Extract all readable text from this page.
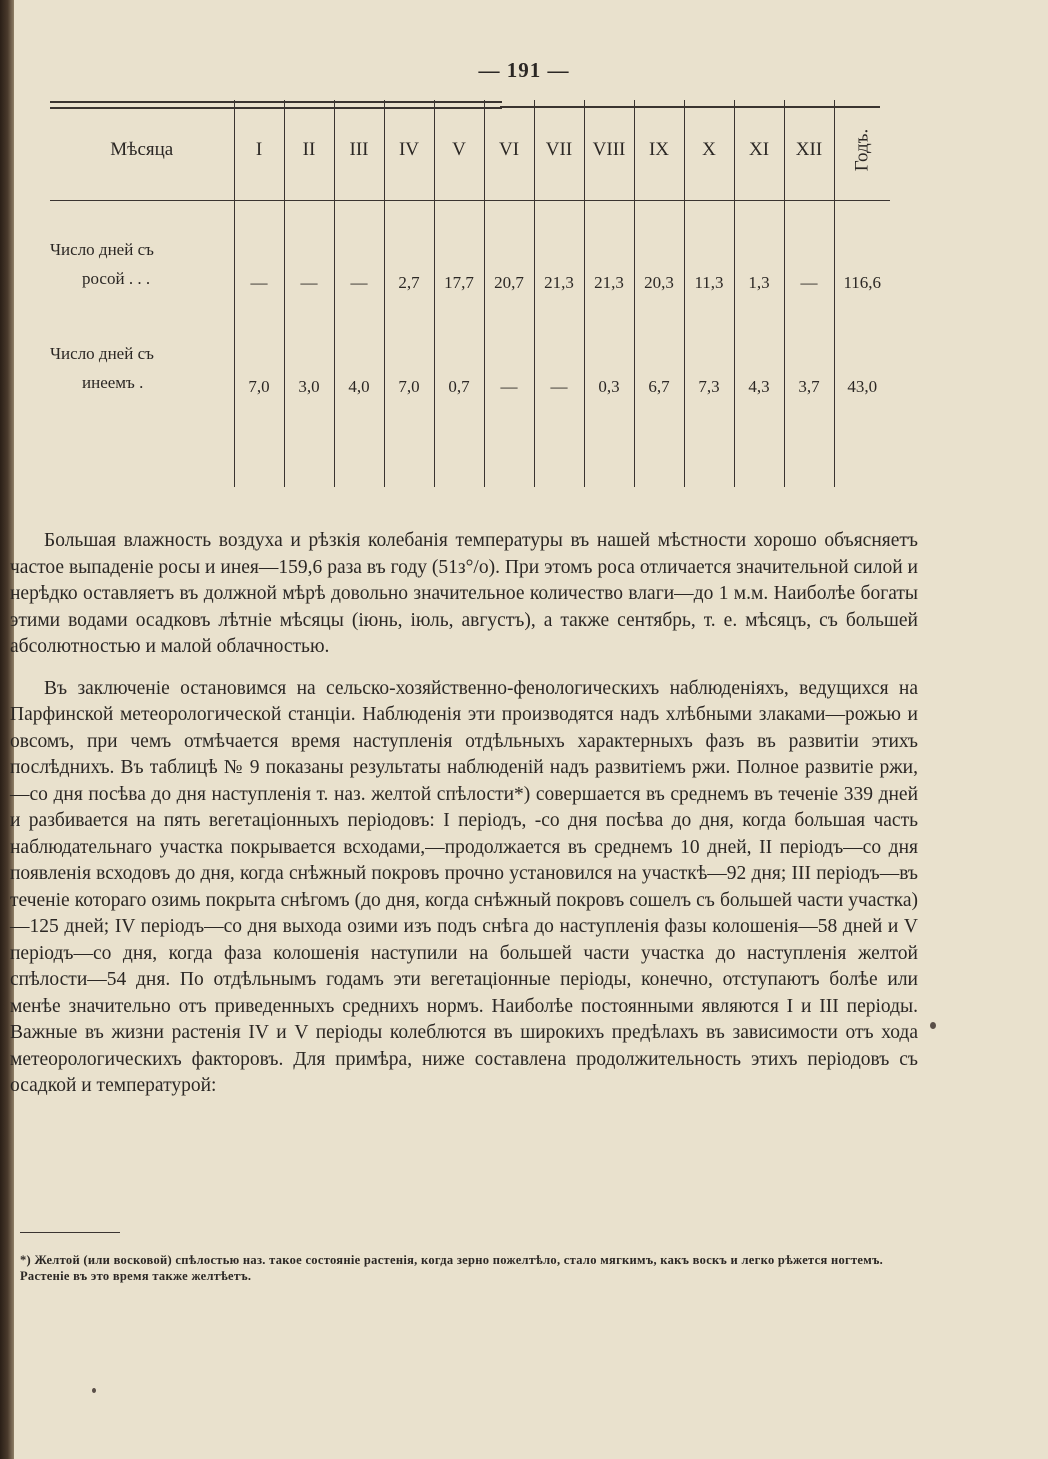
— 191 —
Мѣсяца	I	II	III	IV	V	VI	VII	VIII	IX	X	XI	XII	Годъ.
Число дней съ
росой . . .	—	—	—	2,7	17,7	20,7	21,3	21,3	20,3	11,3	1,3	—	116,6
Число дней съ
инеемъ .	7,0	3,0	4,0	7,0	0,7	—	—	0,3	6,7	7,3	4,3	3,7	43,0

Большая влажность воздуха и рѣзкія колебанія температуры въ нашей мѣстности хорошо объясняетъ частое выпаденіе росы и инея—159,6 раза въ году (51з°/о). При этомъ роса отличается значительной силой и нерѣдко оставляетъ въ должной мѣрѣ довольно значительное количество влаги—до 1 м.м. Наиболѣе богаты этими водами осадковъ лѣтніе мѣсяцы (іюнь, іюль, августъ), а также сентябрь, т. е. мѣсяцъ, съ большей абсолютностью и малой облачностью.

Въ заключеніе остановимся на сельско-хозяйственно-фенологическихъ наблюденіяхъ, ведущихся на Парфинской метеорологической станціи. Наблюденія эти производятся надъ хлѣбными злаками—рожью и овсомъ, при чемъ отмѣчается время наступленія отдѣльныхъ характерныхъ фазъ въ развитіи этихъ послѣднихъ. Въ таблицѣ № 9 показаны результаты наблюденій надъ развитіемъ ржи. Полное развитіе ржи,—со дня посѣва до дня наступленія т. наз. желтой спѣлости*) совершается въ среднемъ въ теченіе 339 дней и разбивается на пять вегетаціонныхъ періодовъ: I періодъ, -со дня посѣва до дня, когда большая часть наблюдательнаго участка покрывается всходами,—продолжается въ среднемъ 10 дней, II періодъ—со дня появленія всходовъ до дня, когда снѣжный покровъ прочно установился на участкѣ—92 дня; III періодъ—въ теченіе котораго озимь покрыта снѣгомъ (до дня, когда снѣжный покровъ сошелъ съ большей части участка)—125 дней; IV періодъ—со дня выхода озими изъ подъ снѣга до наступленія фазы колошенія—58 дней и V періодъ—со дня, когда фаза колошенія наступили на большей части участка до наступленія желтой спѣлости—54 дня. По отдѣльнымъ годамъ эти вегетаціонные періоды, конечно, отступаютъ болѣе или менѣе значительно отъ приведенныхъ среднихъ нормъ. Наиболѣе постоянными являются I и III періоды. Важные въ жизни растенія IV и V періоды колеблются въ широкихъ предѣлахъ въ зависимости отъ хода метеорологическихъ факторовъ. Для примѣра, ниже составлена продолжительность этихъ періодовъ съ осадкой и температурой:

*) Желтой (или восковой) спѣлостью наз. такое состояніе растенія, когда зерно пожелтѣло, стало мягкимъ, какъ воскъ и легко рѣжется ногтемъ. Растеніе въ это время также желтѣетъ.
